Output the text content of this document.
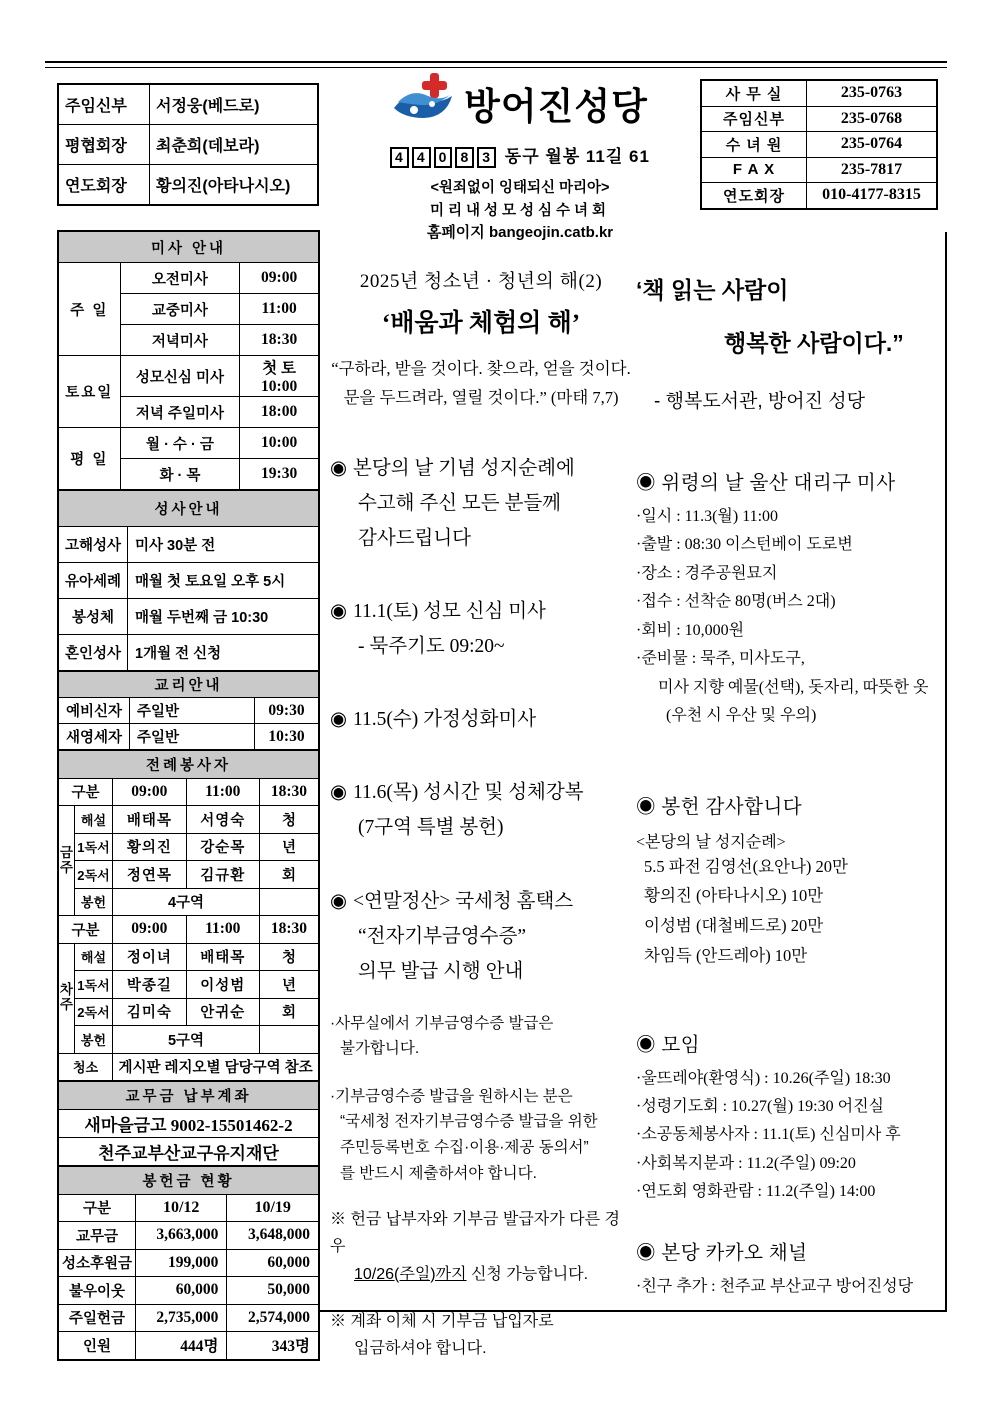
주임신부	서정웅(베드로)
평협회장	최춘희(데보라)
연도회장	황의진(아타나시오)
방어진성당
4 4 0 8 3 동구 월봉 11길 61
<원죄없이 잉태되신 마리아>
미리내성모성심수녀회
홈페이지 bangeojin.catb.kr
사 무 실	235-0763
주임신부	235-0768
수 녀 원	235-0764
F A X	235-7817
연도회장	010-4177-8315
미사 안내		
주 일	오전미사	09:00
	교중미사	11:00
	저녁미사	18:30
토요일	성모신심 미사	첫 토 10:00
	저녁 주일미사	18:00
평 일	월 · 수 · 금	10:00
	화 · 목	19:30
성사안내	
고해성사	미사 30분 전
유아세례	매월 첫 토요일 오후 5시
봉성체	매월 두번째 금 10:30
혼인성사	1개월 전 신청
교리안내		
예비신자	주일반	09:30
새영세자	주일반	10:30
전례봉사자				
구분		09:00	11:00	18:30

금주	해설	배태목	서영숙	청
	1독서	황의진	강순목	년
	2독서	정연목	김규환	회
	봉헌	4구역		
구분		09:00	11:00	18:30

차주	해설	정이녀	배태목	청
	1독서	박종길	이성범	년
	2독서	김미숙	안귀순	회
	봉헌	5구역		
청소		게시판 레지오별 담당구역 참조		
교무금 납부계좌
새마을금고 9002-15501462-2
천주교부산교구유지재단
봉헌금 현황		
구분	10/12	10/19
교무금	3,663,000	3,648,000
성소후원금	199,000	60,000
불우이웃	60,000	50,000
주일헌금	2,735,000	2,574,000
인원	444명	343명
2025년 청소년 · 청년의 해(2)
‘배움과 체험의 해’
“구하라, 받을 것이다. 찾으라, 얻을 것이다.
문을 두드려라, 열릴 것이다.” (마태 7,7)
◉ 본당의 날 기념 성지순례에
수고해 주신 모든 분들께
감사드립니다
◉ 11.1(토) 성모 신심 미사
- 묵주기도 09:20~
◉ 11.5(수) 가정성화미사
◉ 11.6(목) 성시간 및 성체강복
(7구역 특별 봉헌)
◉ <연말정산> 국세청 홈택스
“전자기부금영수증”
의무 발급 시행 안내
·사무실에서 기부금영수증 발급은
불가합니다.
·기부금영수증 발급을 원하시는 분은
“국세청 전자기부금영수증 발급을 위한
주민등록번호 수집·이용·제공 동의서”
를 반드시 제출하셔야 합니다.
※ 헌금 납부자와 기부금 발급자가 다른 경우
10/26(주일)까지 신청 가능합니다.
※ 계좌 이체 시 기부금 납입자로
입금하셔야 합니다.
‘책 읽는 사람이
행복한 사람이다.”
- 행복도서관, 방어진 성당
◉ 위령의 날 울산 대리구 미사
·일시 : 11.3(월) 11:00
·출발 : 08:30 이스턴베이 도로변
·장소 : 경주공원묘지
·접수 : 선착순 80명(버스 2대)
·회비 : 10,000원
·준비물 : 묵주, 미사도구,
미사 지향 예물(선택), 돗자리, 따뜻한 옷
(우천 시 우산 및 우의)
◉ 봉헌 감사합니다
<본당의 날 성지순례>
5.5 파전 김영선(요안나) 20만
황의진 (아타나시오) 10만
이성범 (대철베드로) 20만
차임득 (안드레아) 10만
◉ 모임
·울뜨레야(환영식) : 10.26(주일) 18:30
·성령기도회 : 10.27(월) 19:30 어진실
·소공동체봉사자 : 11.1(토) 신심미사 후
·사회복지분과 : 11.2(주일) 09:20
·연도회 영화관람 : 11.2(주일) 14:00
◉ 본당 카카오 채널
·친구 추가 : 천주교 부산교구 방어진성당
